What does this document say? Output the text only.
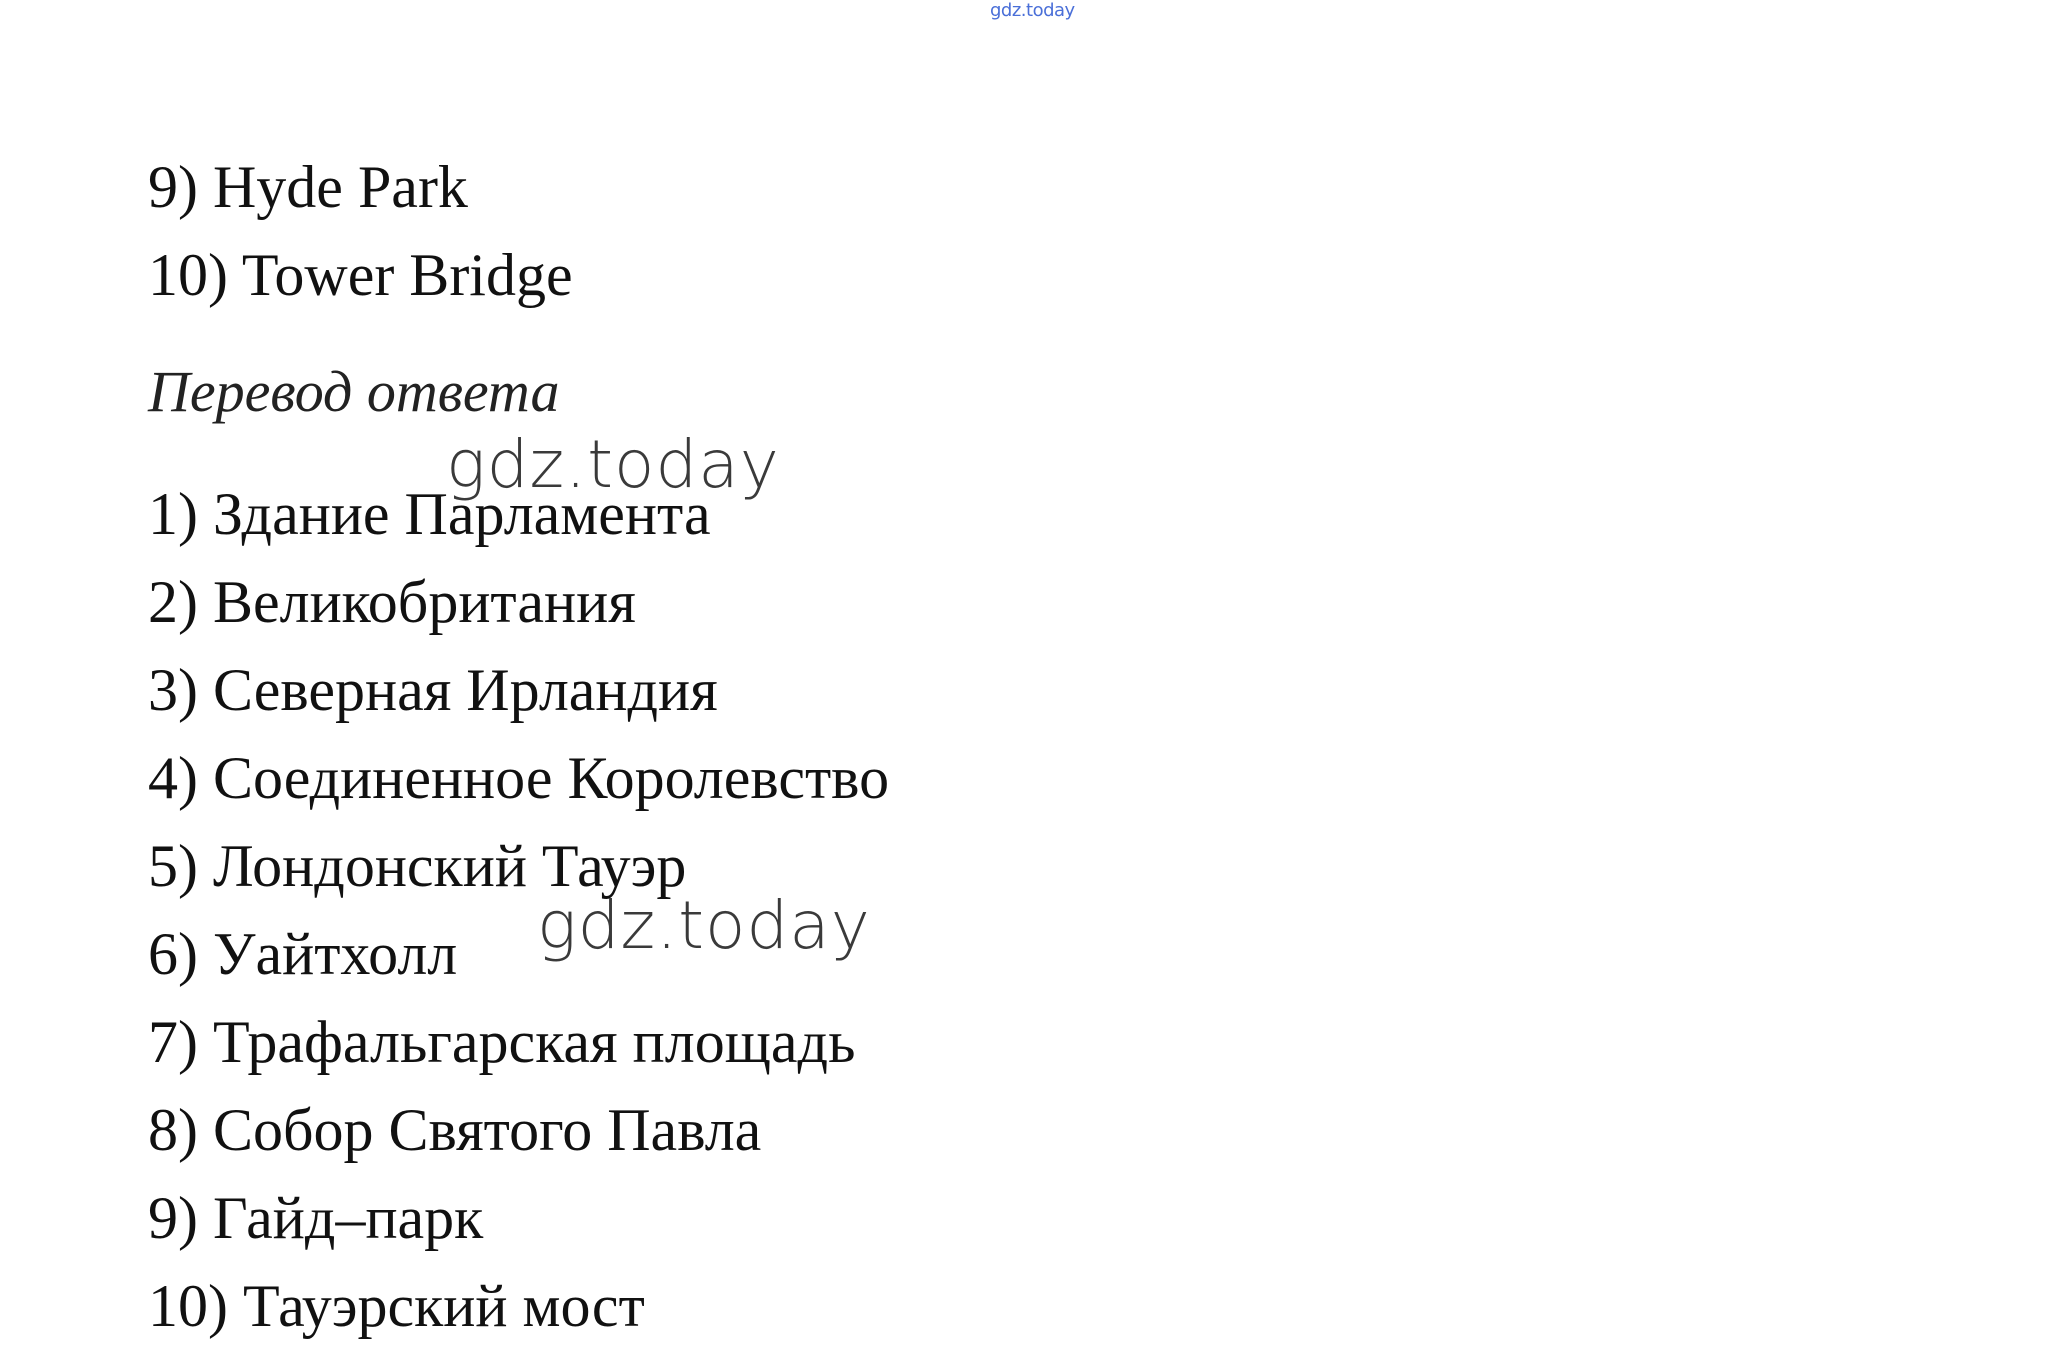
gdz.today
9) Hyde Park
10) Tower Bridge
Перевод ответа
1) Здание Парламента
2) Великобритания
3) Северная Ирландия
4) Соединенное Королевство
5) Лондонский Тауэр
6) Уайтхолл
7) Трафальгарская площадь
8) Собор Святого Павла
9) Гайд–парк
10) Тауэрский мост
gdz.today
gdz.today
